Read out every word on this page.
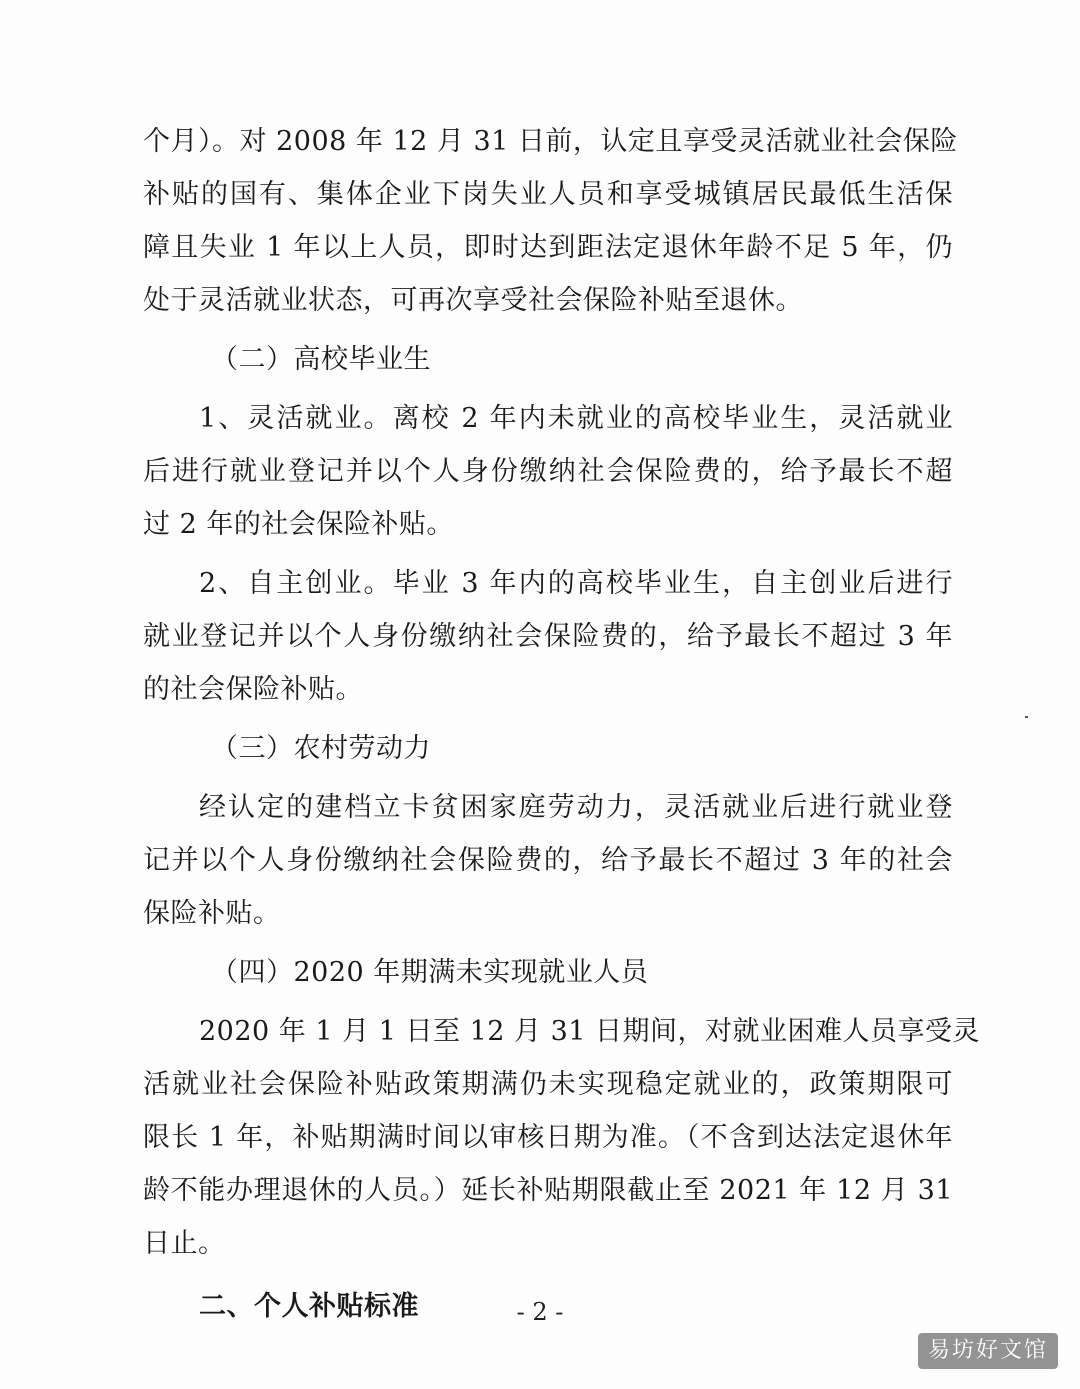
个月）。对 2008 年 12 月 31 日前，认定且享受灵活就业社会保险
补贴的国有、集体企业下岗失业人员和享受城镇居民最低生活保
障且失业 1 年以上人员，即时达到距法定退休年龄不足 5 年，仍
处于灵活就业状态，可再次享受社会保险补贴至退休。
（二）高校毕业生
1、灵活就业。离校 2 年内未就业的高校毕业生，灵活就业
后进行就业登记并以个人身份缴纳社会保险费的，给予最长不超
过 2 年的社会保险补贴。
2、自主创业。毕业 3 年内的高校毕业生，自主创业后进行
就业登记并以个人身份缴纳社会保险费的，给予最长不超过 3 年
的社会保险补贴。
（三）农村劳动力
经认定的建档立卡贫困家庭劳动力，灵活就业后进行就业登
记并以个人身份缴纳社会保险费的，给予最长不超过 3 年的社会
保险补贴。
（四）2020 年期满未实现就业人员
2020 年 1 月 1 日至 12 月 31 日期间，对就业困难人员享受灵
活就业社会保险补贴政策期满仍未实现稳定就业的，政策期限可
限长 1 年，补贴期满时间以审核日期为准。（不含到达法定退休年
龄不能办理退休的人员。）延长补贴期限截止至 2021 年 12 月 31
日止。
二、个人补贴标准	- 2 -
易坊好文馆
